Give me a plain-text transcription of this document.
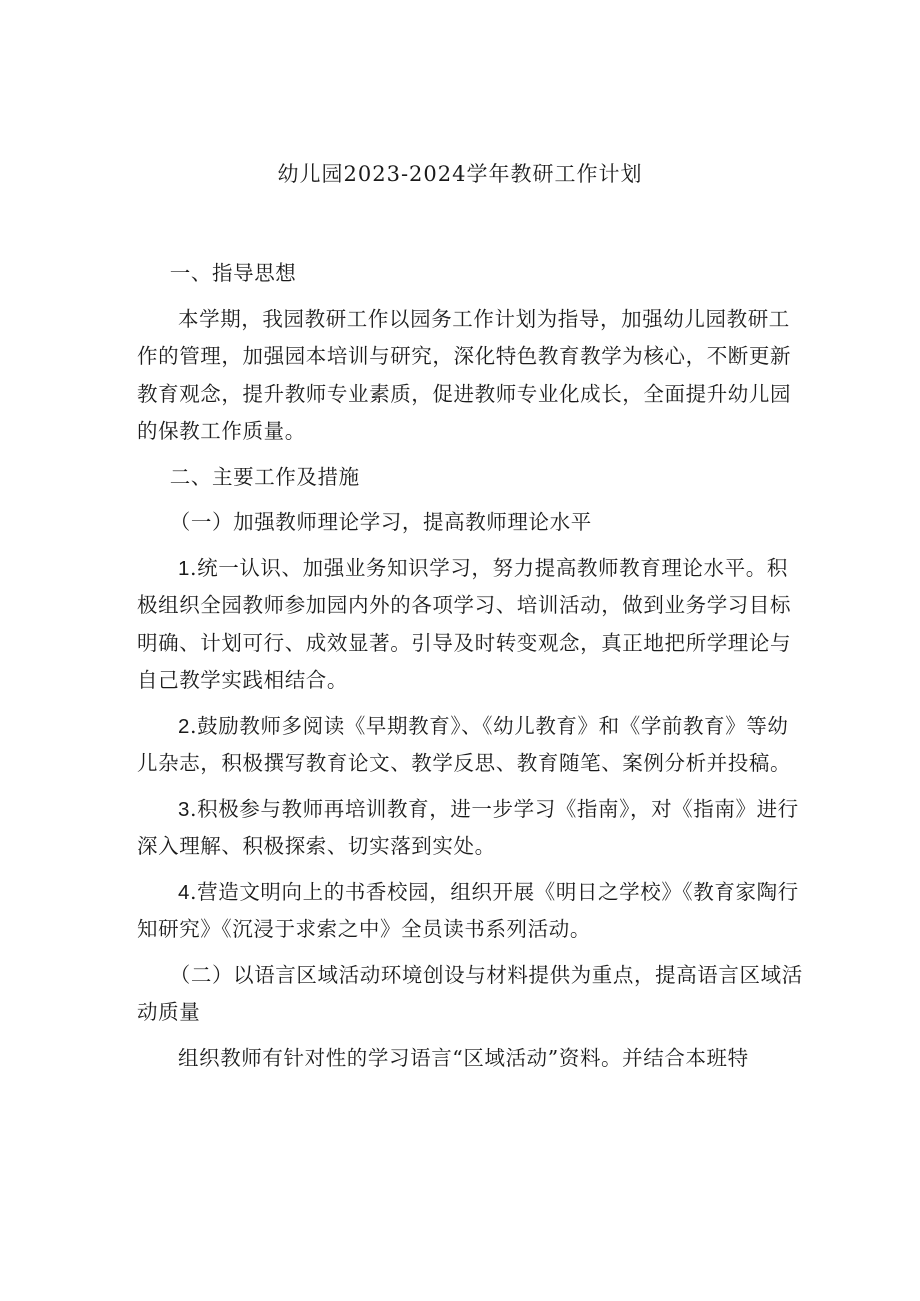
幼儿园2023-2024学年教研工作计划

一、指导思想

本学期，我园教研工作以园务工作计划为指导，加强幼儿园教研工作的管理，加强园本培训与研究，深化特色教育教学为核心，不断更新教育观念，提升教师专业素质，促进教师专业化成长，全面提升幼儿园的保教工作质量。

二、主要工作及措施

（一）加强教师理论学习，提高教师理论水平

1.统一认识、加强业务知识学习，努力提高教师教育理论水平。积极组织全园教师参加园内外的各项学习、培训活动，做到业务学习目标明确、计划可行、成效显著。引导及时转变观念，真正地把所学理论与自己教学实践相结合。

2.鼓励教师多阅读《早期教育》、《幼儿教育》和《学前教育》等幼儿杂志，积极撰写教育论文、教学反思、教育随笔、案例分析并投稿。

3.积极参与教师再培训教育，进一步学习《指南》，对《指南》进行深入理解、积极探索、切实落到实处。

4.营造文明向上的书香校园，组织开展《明日之学校》《教育家陶行知研究》《沉浸于求索之中》全员读书系列活动。

（二）以语言区域活动环境创设与材料提供为重点，提高语言区域活动质量

组织教师有针对性的学习语言“区域活动”资料。并结合本班特
